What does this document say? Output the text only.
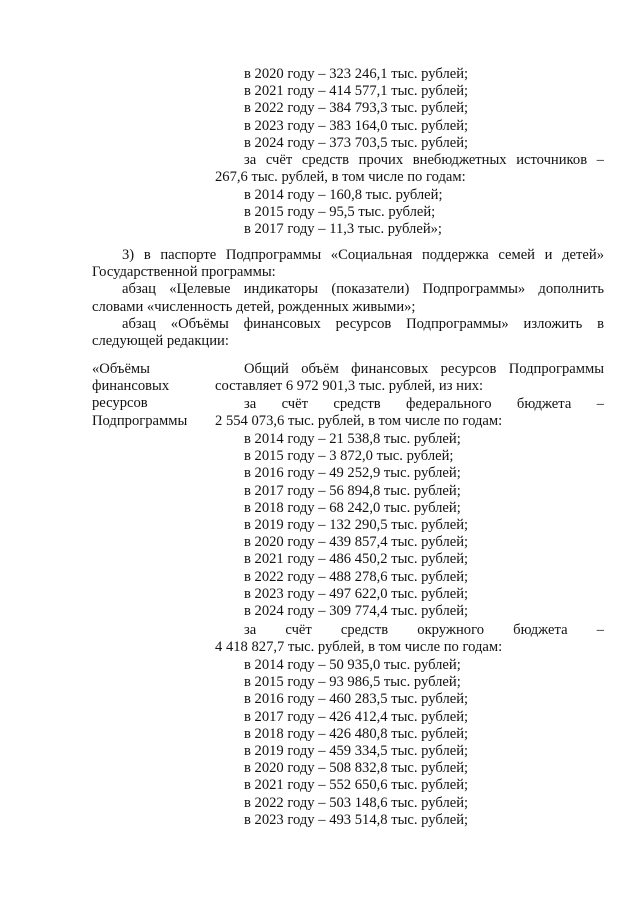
в 2020 году – 323 246,1 тыс. рублей;
в 2021 году – 414 577,1 тыс. рублей;
в 2022 году – 384 793,3 тыс. рублей;
в 2023 году – 383 164,0 тыс. рублей;
в 2024 году – 373 703,5 тыс. рублей;
за счёт средств прочих внебюджетных источников –
267,6 тыс. рублей, в том числе по годам:
в 2014 году – 160,8 тыс. рублей;
в 2015 году – 95,5 тыс. рублей;
в 2017 году – 11,3 тыс. рублей»;
3) в паспорте Подпрограммы «Социальная поддержка семей и детей»
Государственной программы:
абзац «Целевые индикаторы (показатели) Подпрограммы» дополнить
словами «численность детей, рожденных живыми»;
абзац «Объёмы финансовых ресурсов Подпрограммы» изложить в
следующей редакции:
«Объёмы
финансовых
ресурсов
Подпрограммы
Общий объём финансовых ресурсов Подпрограммы
составляет 6 972 901,3 тыс. рублей, из них:
за счёт средств федерального бюджета –
2 554 073,6 тыс. рублей, в том числе по годам:
в 2014 году – 21 538,8 тыс. рублей;
в 2015 году – 3 872,0 тыс. рублей;
в 2016 году – 49 252,9 тыс. рублей;
в 2017 году – 56 894,8 тыс. рублей;
в 2018 году – 68 242,0 тыс. рублей;
в 2019 году – 132 290,5 тыс. рублей;
в 2020 году – 439 857,4 тыс. рублей;
в 2021 году – 486 450,2 тыс. рублей;
в 2022 году – 488 278,6 тыс. рублей;
в 2023 году – 497 622,0 тыс. рублей;
в 2024 году – 309 774,4 тыс. рублей;
за счёт средств окружного бюджета –
4 418 827,7 тыс. рублей, в том числе по годам:
в 2014 году – 50 935,0 тыс. рублей;
в 2015 году – 93 986,5 тыс. рублей;
в 2016 году – 460 283,5 тыс. рублей;
в 2017 году – 426 412,4 тыс. рублей;
в 2018 году – 426 480,8 тыс. рублей;
в 2019 году – 459 334,5 тыс. рублей;
в 2020 году – 508 832,8 тыс. рублей;
в 2021 году – 552 650,6 тыс. рублей;
в 2022 году – 503 148,6 тыс. рублей;
в 2023 году – 493 514,8 тыс. рублей;
